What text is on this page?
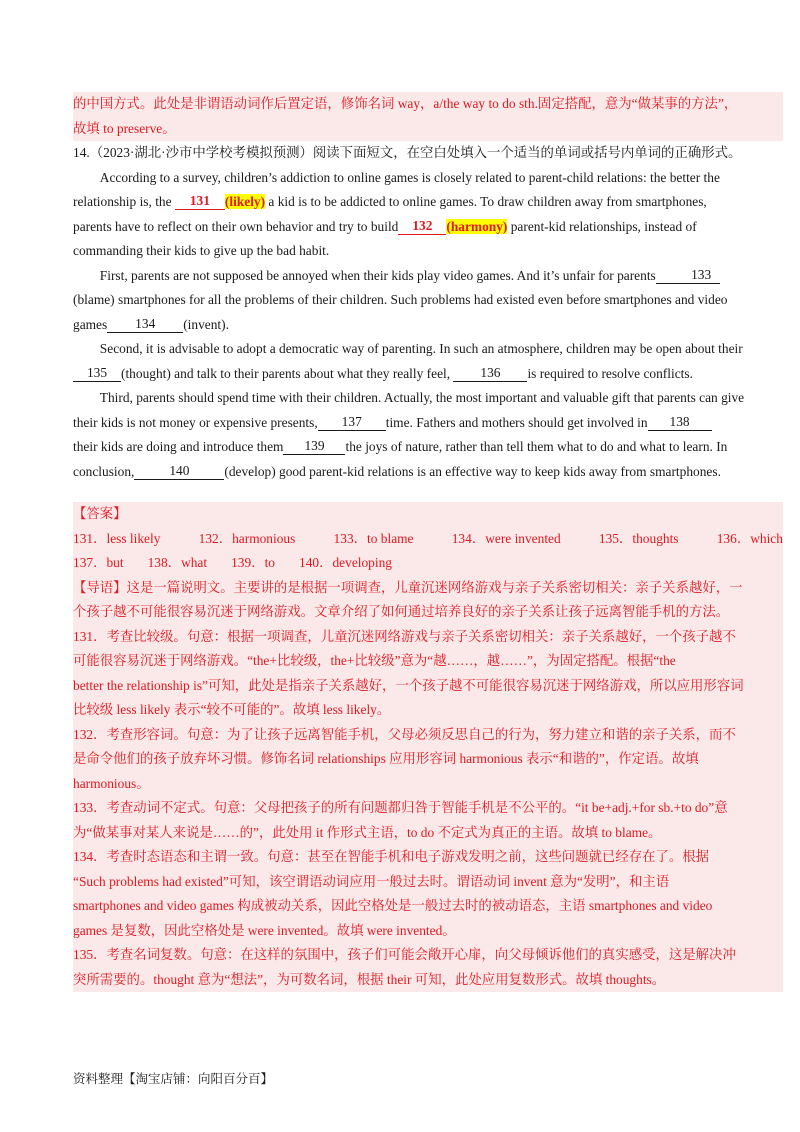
的中国方式。此处是非谓语动词作后置定语，修饰名词 way，a/the way to do sth.固定搭配，意为“做某事的方法”，

故填 to preserve。

14.（2023·湖北·沙市中学校考模拟预测）阅读下面短文，在空白处填入一个适当的单词或括号内单词的正确形式。

According to a survey, children’s addiction to online games is closely related to parent-child relations: the better the

relationship is, the 131 (likely) a kid is to be addicted to online games. To draw children away from smartphones,

parents have to reflect on their own behavior and try to build 132 (harmony) parent-kid relationships, instead of

commanding their kids to give up the bad habit.

First, parents are not supposed be annoyed when their kids play video games. And it’s unfair for parents	133

(blame) smartphones for all the problems of their children. Such problems had existed even before smartphones and video

games 134 (invent).

Second, it is advisable to adopt a democratic way of parenting. In such an atmosphere, children may be open about their

135 (thought) and talk to their parents about what they really feel, 136 is required to resolve conflicts.

Third, parents should spend time with their children. Actually, the most important and valuable gift that parents can give

their kids is not money or expensive presents, 137 time. Fathers and mothers should get involved in 138

their kids are doing and introduce them 139 the joys of nature, rather than tell them what to do and what to learn. In

conclusion,	140	(develop) good parent-kid relations is an effective way to keep kids away from smartphones.

【答案】

131．less likely	132．harmonious	133．to blame	134．were invented	135．thoughts	136．which
137．but 138．what 139．to 140．developing

【导语】这是一篇说明文。主要讲的是根据一项调查，儿童沉迷网络游戏与亲子关系密切相关：亲子关系越好，一

个孩子越不可能很容易沉迷于网络游戏。文章介绍了如何通过培养良好的亲子关系让孩子远离智能手机的方法。

131．考查比较级。句意：根据一项调查，儿童沉迷网络游戏与亲子关系密切相关：亲子关系越好，一个孩子越不

可能很容易沉迷于网络游戏。“the+比较级，the+比较级”意为“越……，越……”，为固定搭配。根据“the

better the relationship is”可知，此处是指亲子关系越好，一个孩子越不可能很容易沉迷于网络游戏，所以应用形容词

比较级 less likely 表示“较不可能的”。故填 less likely。

132．考查形容词。句意：为了让孩子远离智能手机，父母必须反思自己的行为，努力建立和谐的亲子关系，而不

是命令他们的孩子放弃坏习惯。修饰名词 relationships 应用形容词 harmonious 表示“和谐的”，作定语。故填

harmonious。

133．考查动词不定式。句意：父母把孩子的所有问题都归咎于智能手机是不公平的。“it be+adj.+for sb.+to do”意

为“做某事对某人来说是……的”，此处用 it 作形式主语，to do 不定式为真正的主语。故填 to blame。

134．考查时态语态和主谓一致。句意：甚至在智能手机和电子游戏发明之前，这些问题就已经存在了。根据

“Such problems had existed”可知，该空谓语动词应用一般过去时。谓语动词 invent 意为“发明”，和主语

smartphones and video games 构成被动关系，因此空格处是一般过去时的被动语态，主语 smartphones and video

games 是复数，因此空格处是 were invented。故填 were invented。

135．考查名词复数。句意：在这样的氛围中，孩子们可能会敞开心扉，向父母倾诉他们的真实感受，这是解决冲

突所需要的。thought 意为“想法”，为可数名词，根据 their 可知，此处应用复数形式。故填 thoughts。

资料整理【淘宝店铺：向阳百分百】
